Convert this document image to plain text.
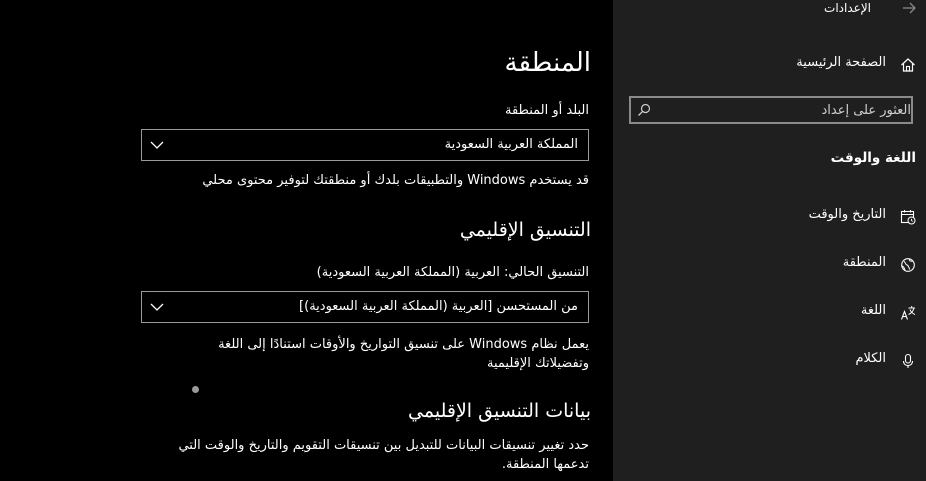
المنطقة
البلد أو المنطقة
المملكة العربية السعودية
قد يستخدم Windows والتطبيقات بلدك أو منطقتك لتوفير محتوى محلي
التنسيق الإقليمي
التنسيق الحالي: العربية (المملكة العربية السعودية)
من المستحسن [العربية (المملكة العربية السعودية)]
يعمل نظام Windows على تنسيق التواريخ والأوقات استنادًا إلى اللغة
وتفضيلاتك الإقليمية
بيانات التنسيق الإقليمي
حدد تغيير تنسيقات البيانات للتبديل بين تنسيقات التقويم والتاريخ والوقت التي
تدعمها المنطقة.
الإعدادات
الصفحة الرئيسية
العثور على إعداد
اللغة والوقت
التاريخ والوقت
المنطقة
اللغة
الكلام
